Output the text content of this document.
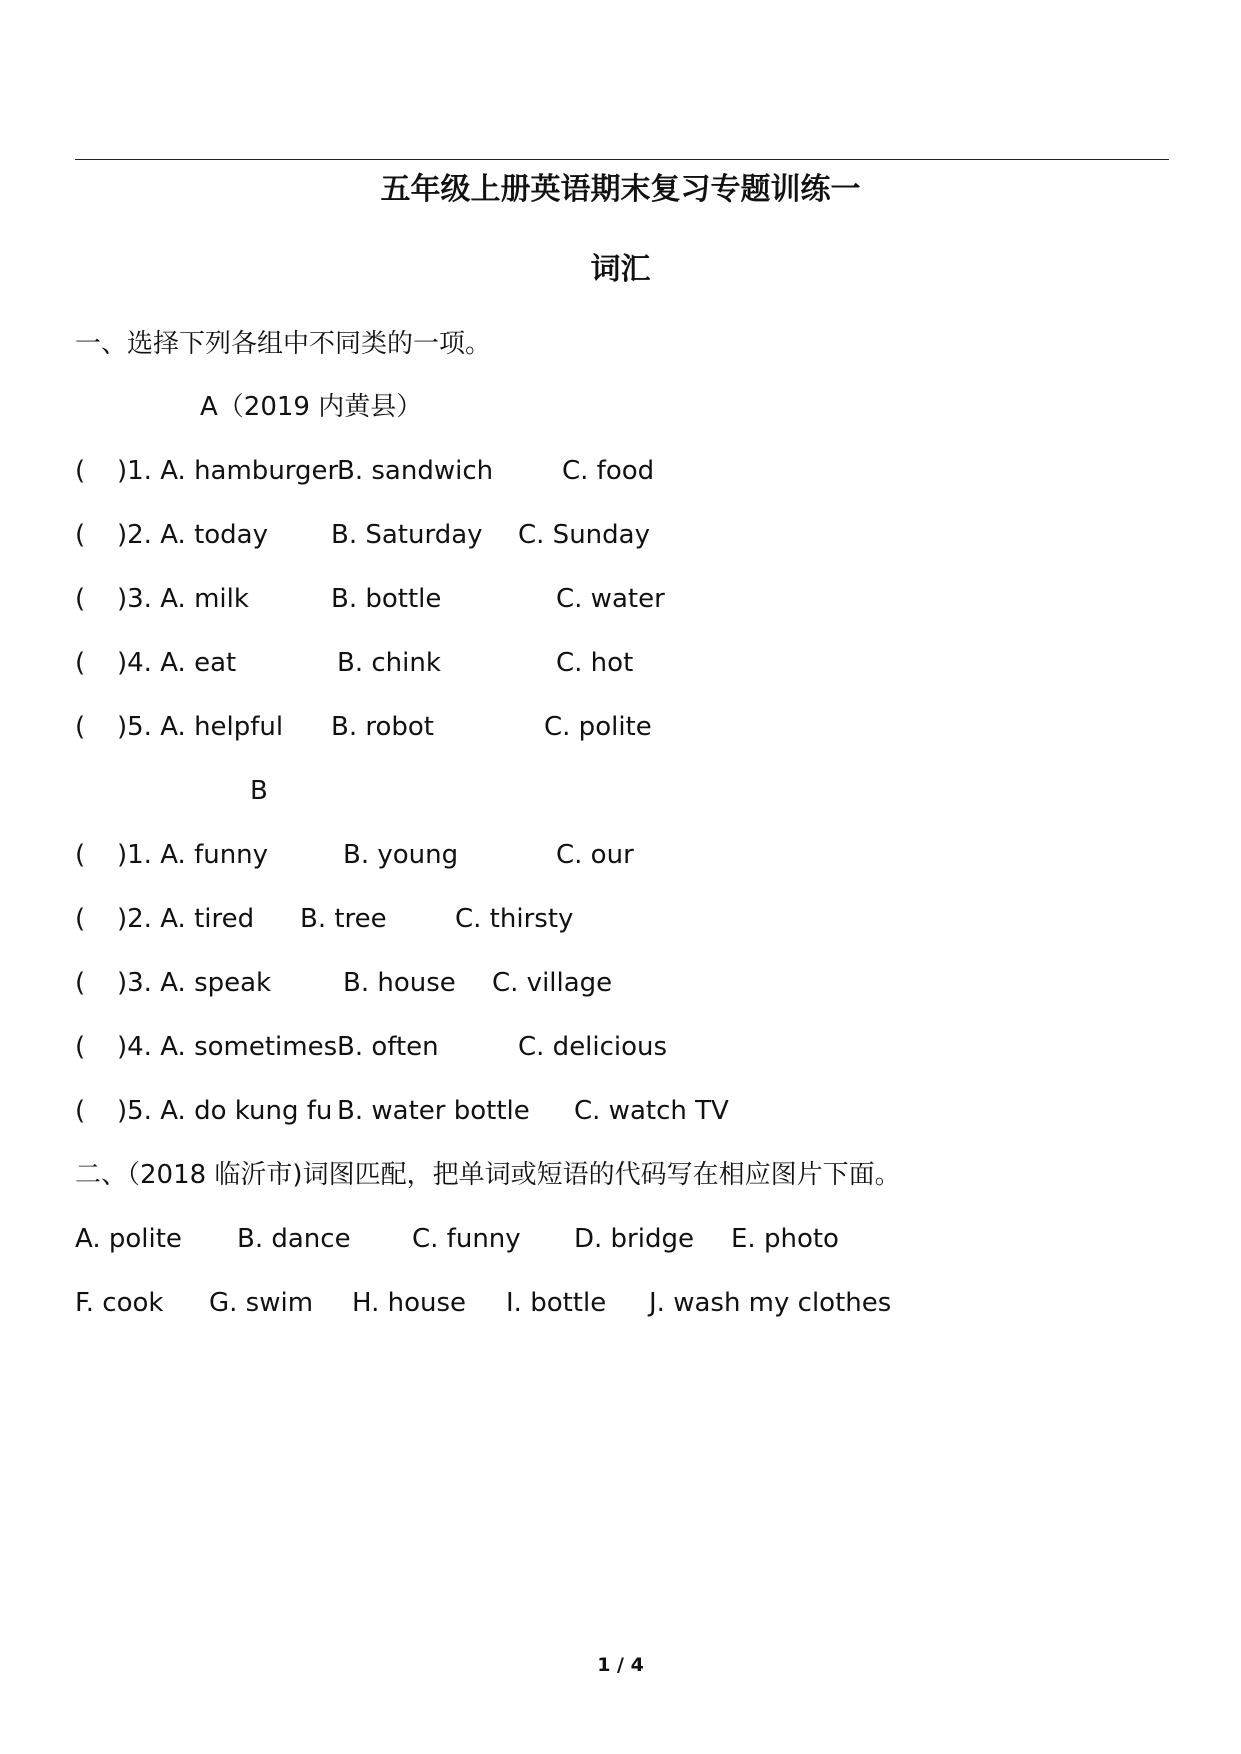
五年级上册英语期末复习专题训练一
词汇
一、选择下列各组中不同类的一项。
A（2019 内黄县）
( )1. A. hamburger
B. sandwich	C. food
( )2. A. today B. Saturday C. Sunday
( )3. A. milk	B. bottle	C. water
( )4. A. eat	B. chink	C. hot
( )5. A. helpful B. robot	C. polite
B
( )1. A. funny	B. young	C. our
( )2. A. tired B. tree	C. thirsty
( )3. A. speak	B. house C. village
( )4. A. sometimes B. often	C. delicious
( )5. A. do kung fu B. water bottle C. watch TV
二、（2018 临沂市)词图匹配，把单词或短语的代码写在相应图片下面。
A. polite B. dance C. funny D. bridge E. photo
F. cook G. swim H. house I. bottle J. wash my clothes
1 / 4
